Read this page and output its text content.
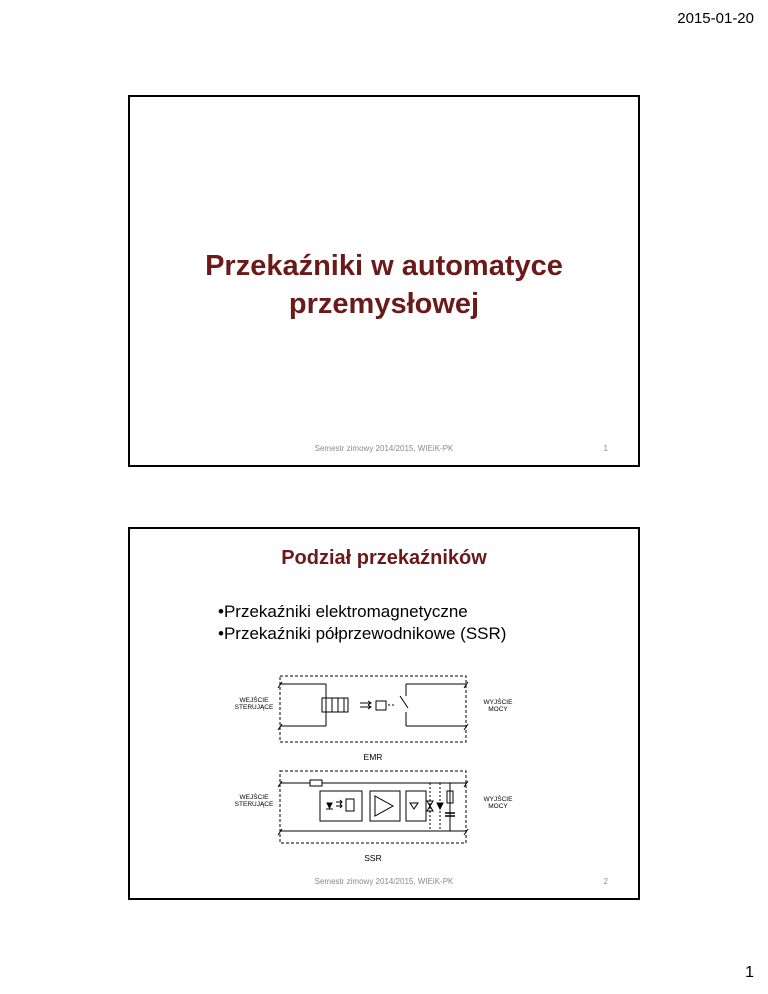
2015-01-20
Przekaźniki w automatyce
przemysłowej
Semestr zimowy 2014/2015, WIEiK-PK	1
Podział przekaźników
• Przekaźniki elektromagnetyczne
• Przekaźniki półprzewodnikowe (SSR)
WEJŚCIE
STERUJĄCE
WYJŚCIE
MOCY
EMR
WEJŚCIE
STERUJĄCE
WYJŚCIE
MOCY
SSR
Semestr zimowy 2014/2015, WIEiK-PK	2
1
